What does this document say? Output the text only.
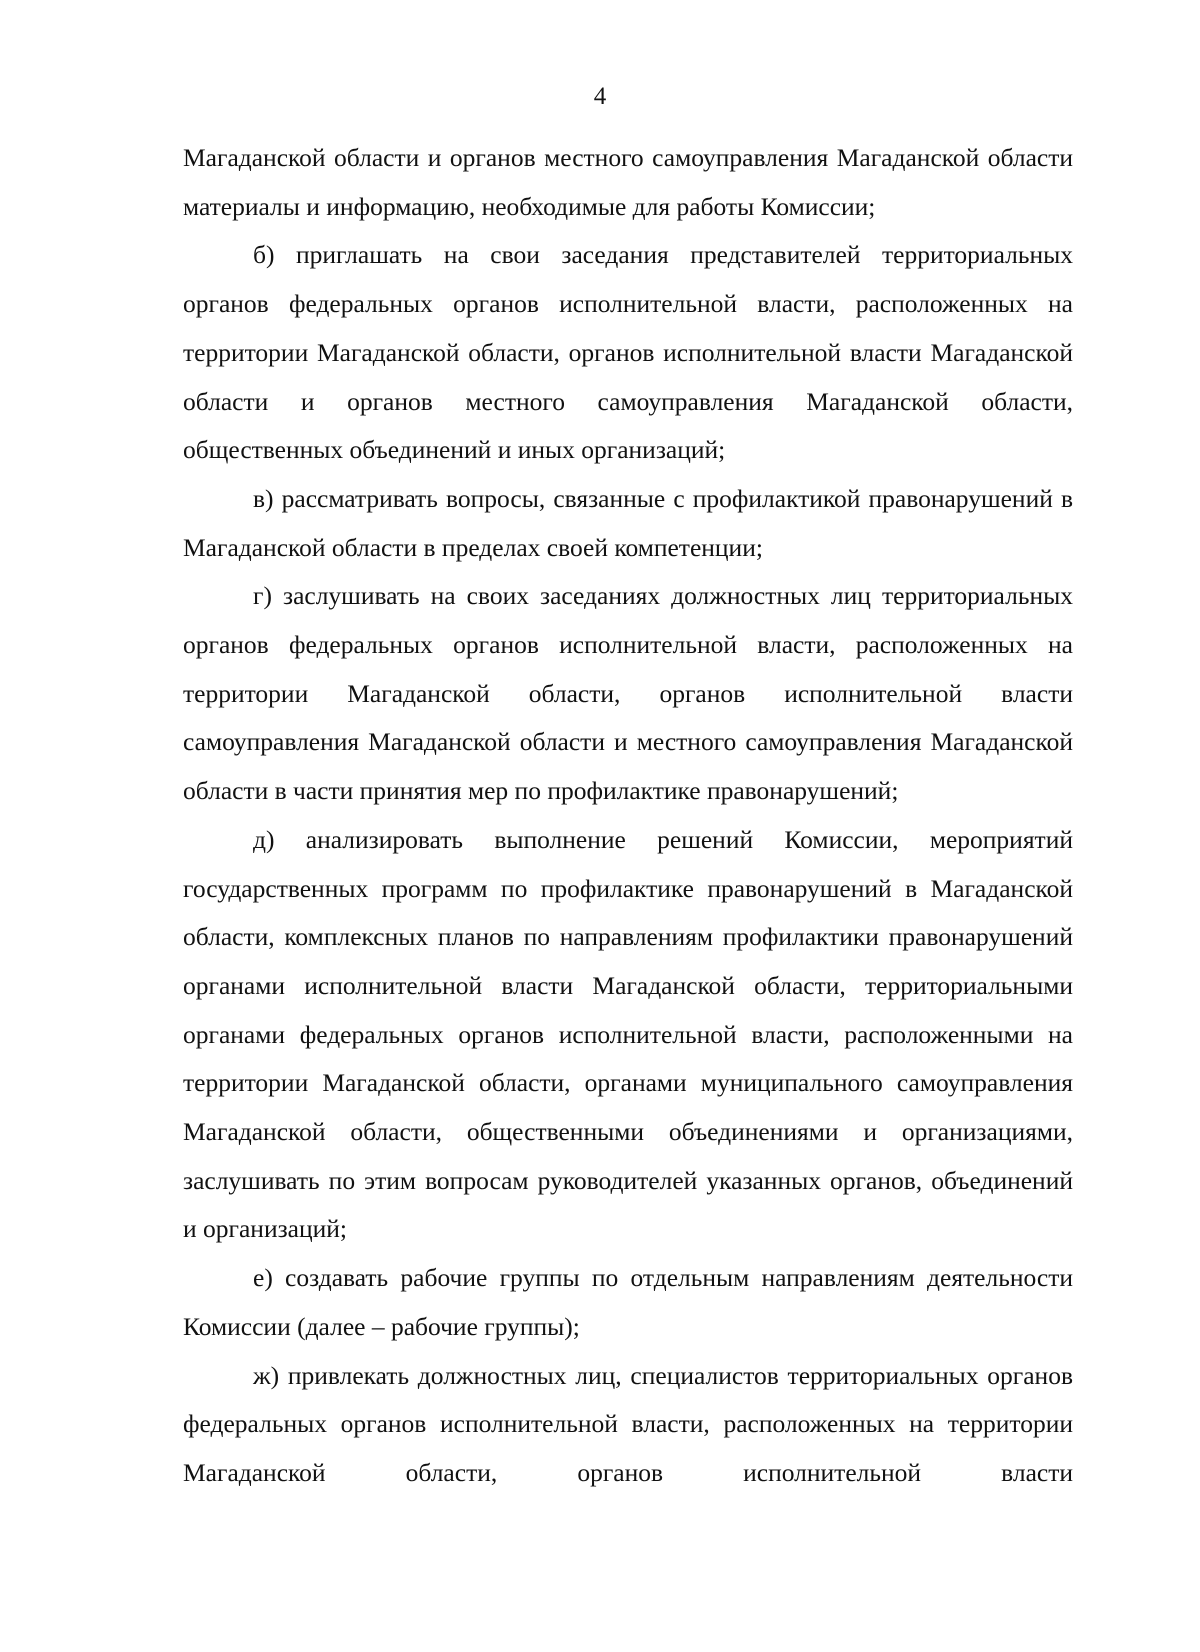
4

Магаданской области и органов местного самоуправления Магаданской области материалы и информацию, необходимые для работы Комиссии;

б) приглашать на свои заседания представителей территориальных органов федеральных органов исполнительной власти, расположенных на территории Магаданской области, органов исполнительной власти Магаданской области и органов местного самоуправления Магаданской области, общественных объединений и иных организаций;

в) рассматривать вопросы, связанные с профилактикой правонарушений в Магаданской области в пределах своей компетенции;

г) заслушивать на своих заседаниях должностных лиц территориальных органов федеральных органов исполнительной власти, расположенных на территории Магаданской области, органов исполнительной власти самоуправления Магаданской области и местного самоуправления Магаданской области в части принятия мер по профилактике правонарушений;

д) анализировать выполнение решений Комиссии, мероприятий государственных программ по профилактике правонарушений в Магаданской области, комплексных планов по направлениям профилактики правонарушений органами исполнительной власти Магаданской области, территориальными органами федеральных органов исполнительной власти, расположенными на территории Магаданской области, органами муниципального самоуправления Магаданской области, общественными объединениями и организациями, заслушивать по этим вопросам руководителей указанных органов, объединений и организаций;

е) создавать рабочие группы по отдельным направлениям деятельности Комиссии (далее – рабочие группы);

ж) привлекать должностных лиц, специалистов территориальных органов федеральных органов исполнительной власти, расположенных на территории Магаданской области, органов исполнительной власти
